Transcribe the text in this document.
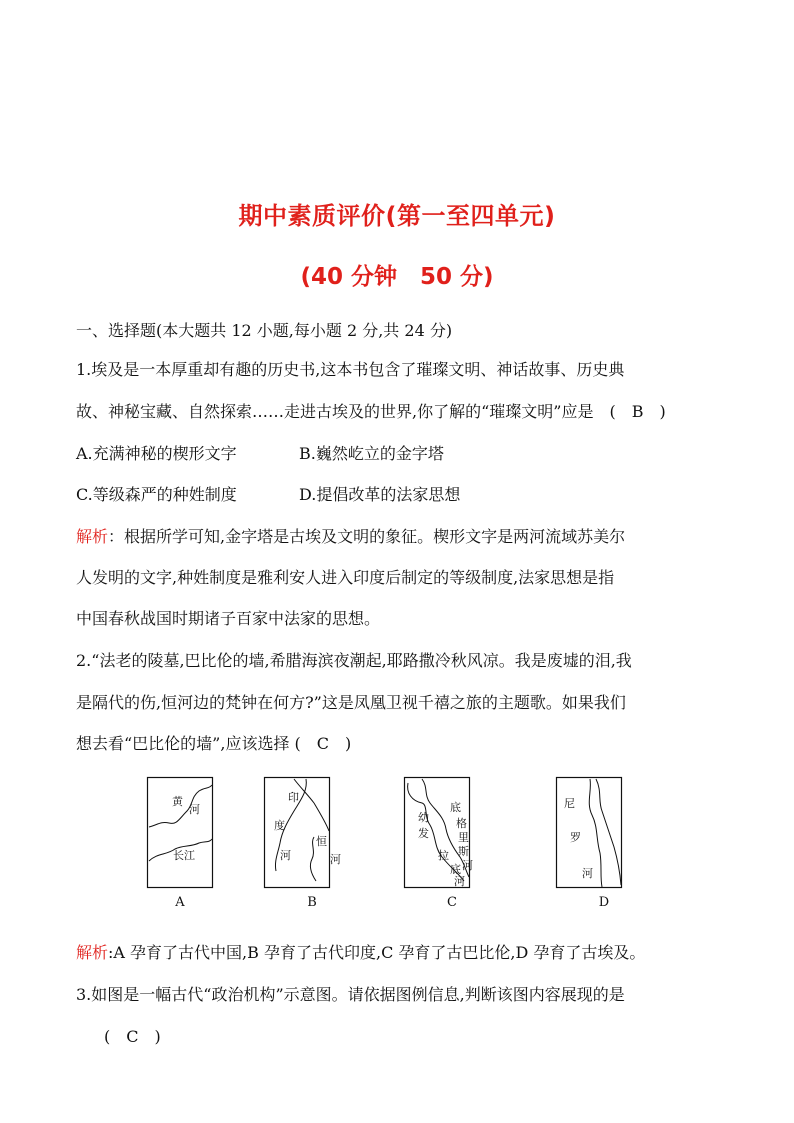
期中素质评价(第一至四单元)
(40 分钟　50 分)
一、选择题(本大题共 12 小题,每小题 2 分,共 24 分)
1.埃及是一本厚重却有趣的历史书,这本书包含了璀璨文明、神话故事、历史典
故、神秘宝藏、自然探索……走进古埃及的世界,你了解的“璀璨文明”应是　(　B　)
A.充满神秘的楔形文字	B.巍然屹立的金字塔
C.等级森严的种姓制度	D.提倡改革的法家思想
解析：根据所学可知,金字塔是古埃及文明的象征。楔形文字是两河流域苏美尔
人发明的文字,种姓制度是雅利安人进入印度后制定的等级制度,法家思想是指
中国春秋战国时期诸子百家中法家的思想。
2.“法老的陵墓,巴比伦的墙,希腊海滨夜潮起,耶路撒冷秋风凉。我是废墟的泪,我
是隔代的伤,恒河边的梵钟在何方?”这是凤凰卫视千禧之旅的主题歌。如果我们
想去看“巴比伦的墙”,应该选择 (　C　)
黄
河
长江
A
印
度
河
恒
河
B
幼
发
拉
底
河
底
格
里
斯
河
C
尼
罗
河
D
解析:A 孕育了古代中国,B 孕育了古代印度,C 孕育了古巴比伦,D 孕育了古埃及。
3.如图是一幅古代“政治机构”示意图。请依据图例信息,判断该图内容展现的是
(　C　)
